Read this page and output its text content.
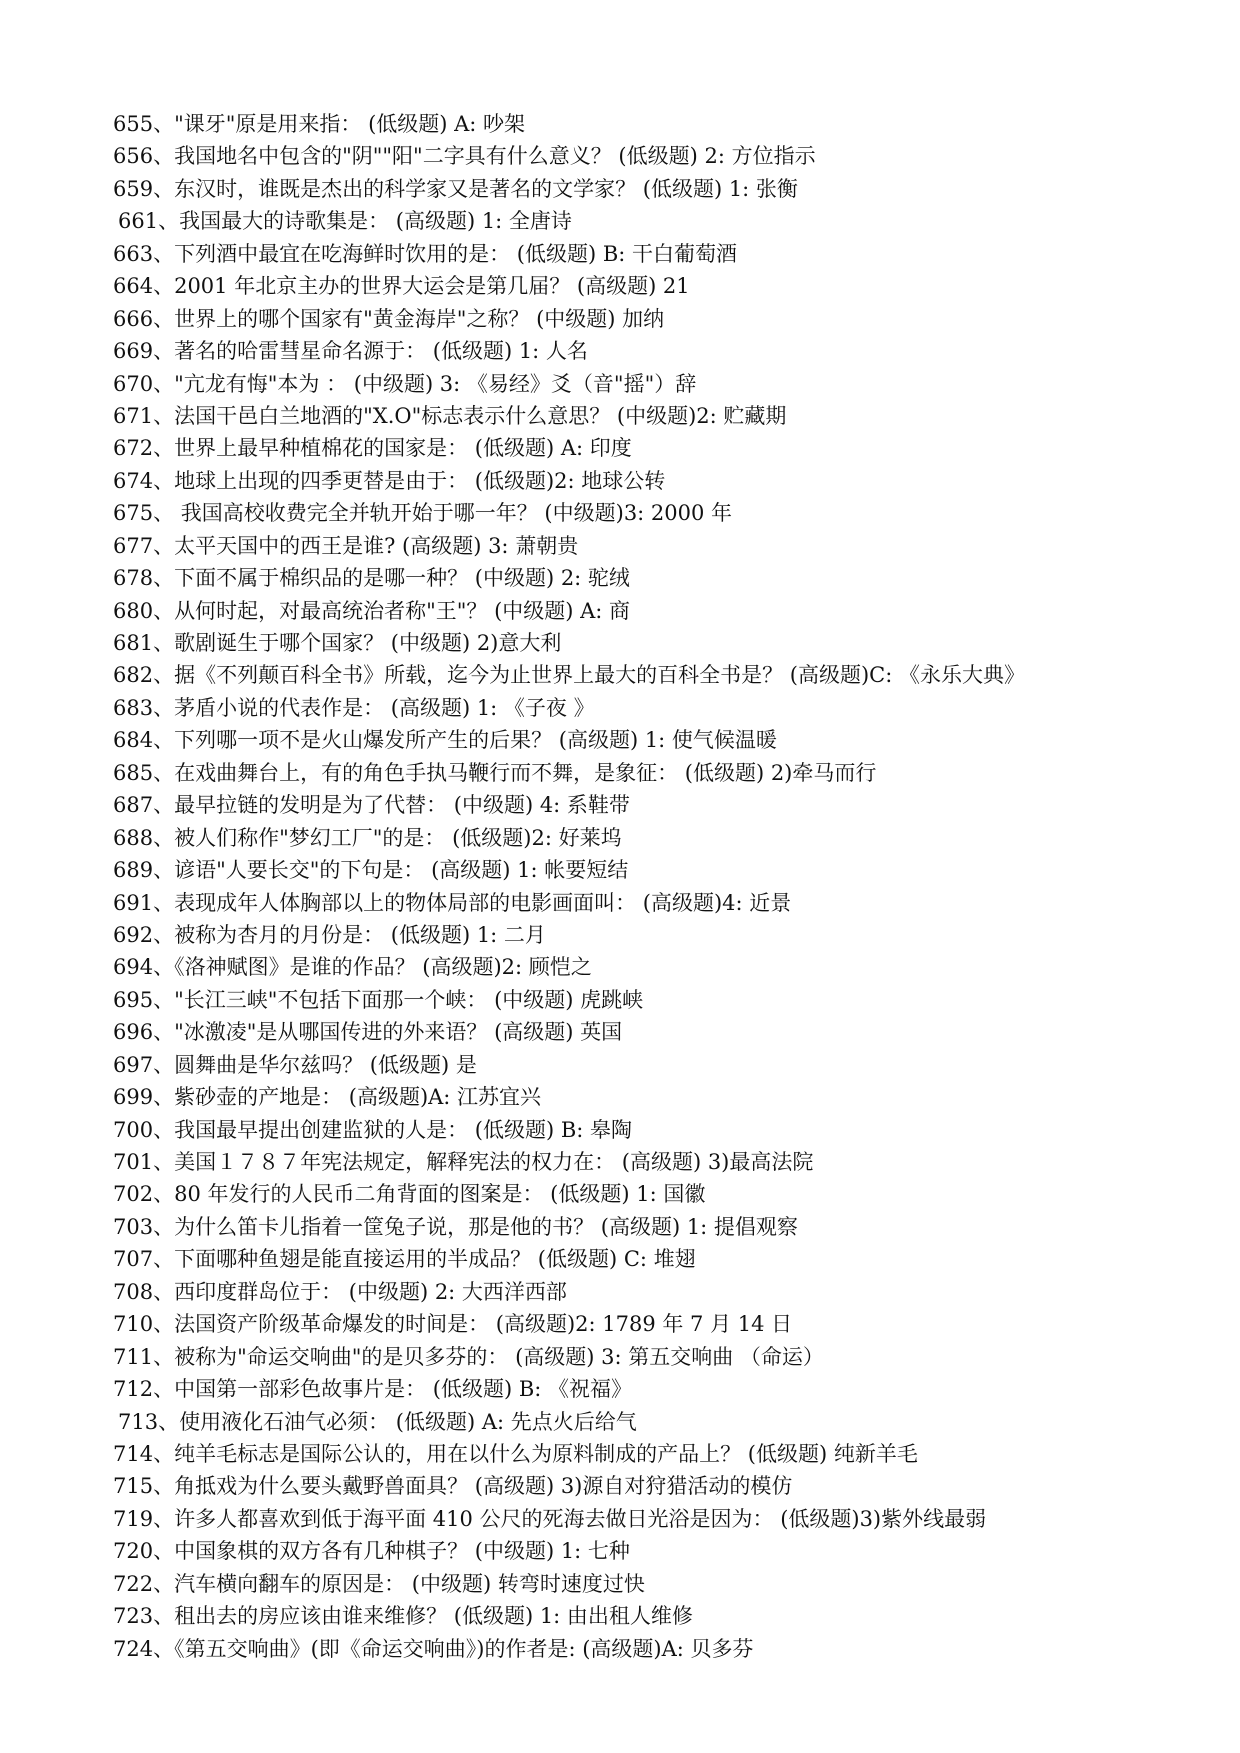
655、"课牙"原是用来指： (低级题) A: 吵架
656、我国地名中包含的"阴""阳"二字具有什么意义？ (低级题) 2: 方位指示
659、东汉时，谁既是杰出的科学家又是著名的文学家？ (低级题) 1: 张衡
661、我国最大的诗歌集是： (高级题) 1: 全唐诗
663、下列酒中最宜在吃海鲜时饮用的是： (低级题) B: 干白葡萄酒
664、2001 年北京主办的世界大运会是第几届？ (高级题) 21
666、世界上的哪个国家有"黄金海岸"之称？ (中级题) 加纳
669、著名的哈雷彗星命名源于： (低级题) 1: 人名
670、"亢龙有悔"本为 ： (中级题) 3: 《易经》爻（音"摇"）辞
671、法国干邑白兰地酒的"X.O"标志表示什么意思？ (中级题)2: 贮藏期
672、世界上最早种植棉花的国家是： (低级题) A: 印度
674、地球上出现的四季更替是由于： (低级题)2: 地球公转
675、 我国高校收费完全并轨开始于哪一年？ (中级题)3: 2000 年
677、太平天国中的西王是谁? (高级题) 3: 萧朝贵
678、下面不属于棉织品的是哪一种？ (中级题) 2: 驼绒
680、从何时起，对最高统治者称"王"？ (中级题) A: 商
681、歌剧诞生于哪个国家？ (中级题) 2)意大利
682、据《不列颠百科全书》所载，迄今为止世界上最大的百科全书是？ (高级题)C: 《永乐大典》
683、茅盾小说的代表作是： (高级题) 1: 《子夜 》
684、下列哪一项不是火山爆发所产生的后果？ (高级题) 1: 使气候温暖
685、在戏曲舞台上，有的角色手执马鞭行而不舞，是象征： (低级题) 2)牵马而行
687、最早拉链的发明是为了代替： (中级题) 4: 系鞋带
688、被人们称作"梦幻工厂"的是： (低级题)2: 好莱坞
689、谚语"人要长交"的下句是： (高级题) 1: 帐要短结
691、表现成年人体胸部以上的物体局部的电影画面叫： (高级题)4: 近景
692、被称为杏月的月份是： (低级题) 1: 二月
694、《洛神赋图》是谁的作品？ (高级题)2: 顾恺之
695、"长江三峡"不包括下面那一个峡： (中级题) 虎跳峡
696、"冰激凌"是从哪国传进的外来语？ (高级题) 英国
697、圆舞曲是华尔兹吗？ (低级题) 是
699、紫砂壶的产地是： (高级题)A: 江苏宜兴
700、我国最早提出创建监狱的人是： (低级题) B: 皋陶
701、美国１７８７年宪法规定，解释宪法的权力在： (高级题) 3)最高法院
702、80 年发行的人民币二角背面的图案是： (低级题) 1: 国徽
703、为什么笛卡儿指着一筐兔子说，那是他的书？ (高级题) 1: 提倡观察
707、下面哪种鱼翅是能直接运用的半成品？ (低级题) C: 堆翅
708、西印度群岛位于： (中级题) 2: 大西洋西部
710、法国资产阶级革命爆发的时间是： (高级题)2: 1789 年 7 月 14 日
711、被称为"命运交响曲"的是贝多芬的： (高级题) 3: 第五交响曲 （命运）
712、中国第一部彩色故事片是： (低级题) B: 《祝福》
713、使用液化石油气必须： (低级题) A: 先点火后给气
714、纯羊毛标志是国际公认的，用在以什么为原料制成的产品上？ (低级题) 纯新羊毛
715、角抵戏为什么要头戴野兽面具？ (高级题) 3)源自对狩猎活动的模仿
719、许多人都喜欢到低于海平面 410 公尺的死海去做日光浴是因为： (低级题)3)紫外线最弱
720、中国象棋的双方各有几种棋子？ (中级题) 1: 七种
722、汽车横向翻车的原因是： (中级题) 转弯时速度过快
723、租出去的房应该由谁来维修？ (低级题) 1: 由出租人维修
724、《第五交响曲》(即《命运交响曲》)的作者是: (高级题)A: 贝多芬
